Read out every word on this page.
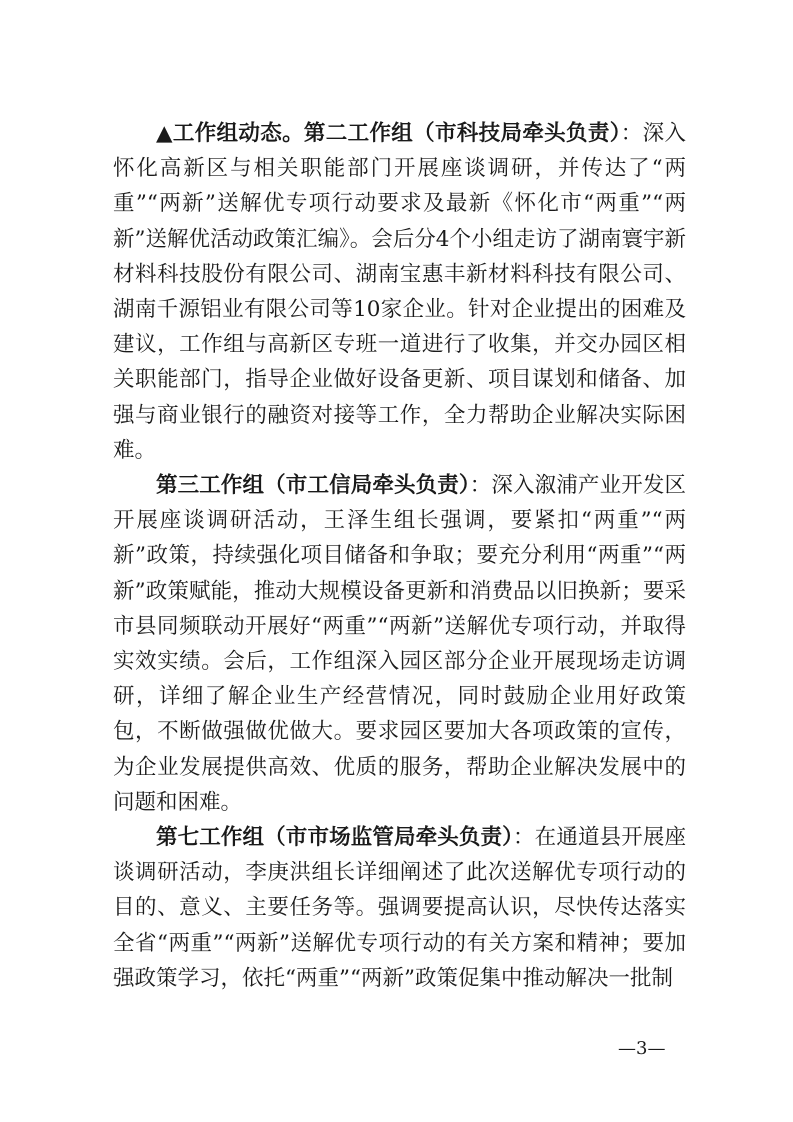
▲工作组动态。第二工作组（市科技局牵头负责）：深入怀化高新区与相关职能部门开展座谈调研，并传达了“两重”“两新”送解优专项行动要求及最新《怀化市“两重”“两新”送解优活动政策汇编》。会后分4个小组走访了湖南寰宇新材料科技股份有限公司、湖南宝惠丰新材料科技有限公司、湖南千源铝业有限公司等10家企业。针对企业提出的困难及建议，工作组与高新区专班一道进行了收集，并交办园区相关职能部门，指导企业做好设备更新、项目谋划和储备、加强与商业银行的融资对接等工作，全力帮助企业解决实际困难。

第三工作组（市工信局牵头负责）：深入溆浦产业开发区开展座谈调研活动，王泽生组长强调，要紧扣“两重”“两新”政策，持续强化项目储备和争取；要充分利用“两重”“两新”政策赋能，推动大规模设备更新和消费品以旧换新；要采市县同频联动开展好“两重”“两新”送解优专项行动，并取得实效实绩。会后，工作组深入园区部分企业开展现场走访调研，详细了解企业生产经营情况，同时鼓励企业用好政策包，不断做强做优做大。要求园区要加大各项政策的宣传，为企业发展提供高效、优质的服务，帮助企业解决发展中的问题和困难。

第七工作组（市市场监管局牵头负责）：在通道县开展座谈调研活动，李庚洪组长详细阐述了此次送解优专项行动的目的、意义、主要任务等。强调要提高认识，尽快传达落实全省“两重”“两新”送解优专项行动的有关方案和精神；要加强政策学习，依托“两重”“两新”政策促集中推动解决一批制

—3—
